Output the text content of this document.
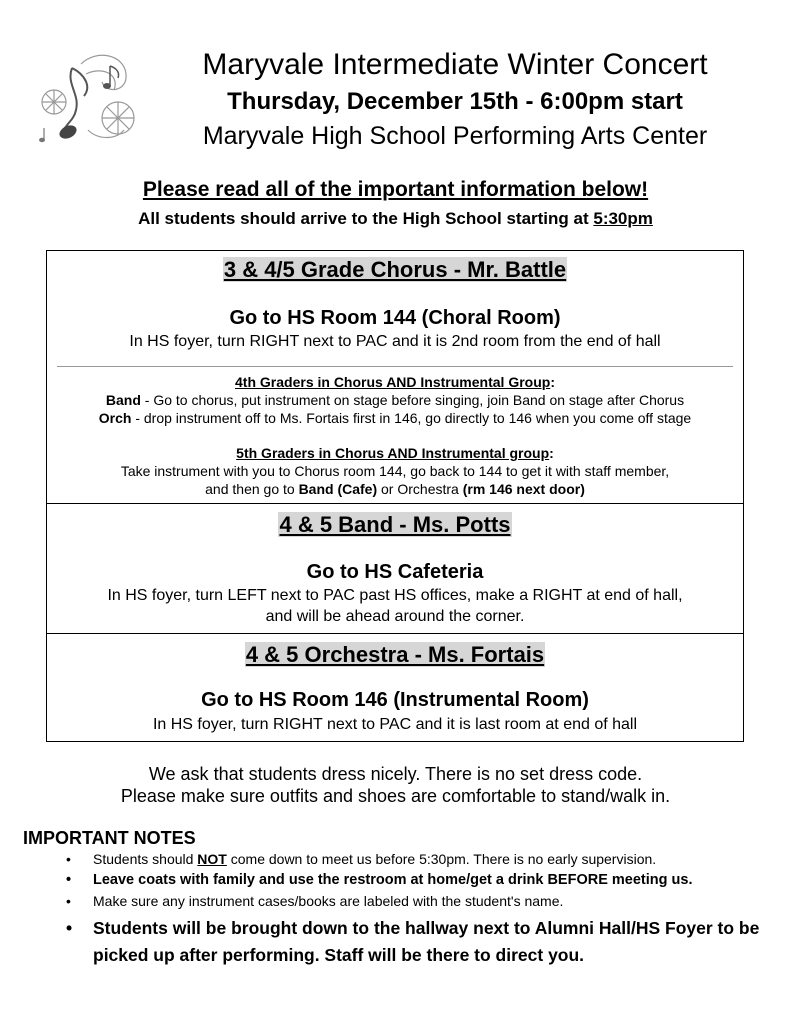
Maryvale Intermediate Winter Concert
Thursday, December 15th - 6:00pm start
Maryvale High School Performing Arts Center
Please read all of the important information below!
All students should arrive to the High School starting at 5:30pm
3 & 4/5 Grade Chorus - Mr. Battle
Go to HS Room 144 (Choral Room)
In HS foyer, turn RIGHT next to PAC and it is 2nd room from the end of hall
4th Graders in Chorus AND Instrumental Group:
Band - Go to chorus, put instrument on stage before singing, join Band on stage after Chorus
Orch - drop instrument off to Ms. Fortais first in 146, go directly to 146 when you come off stage
5th Graders in Chorus AND Instrumental group:
Take instrument with you to Chorus room 144, go back to 144 to get it with staff member,
and then go to Band (Cafe) or Orchestra (rm 146 next door)
4 & 5 Band - Ms. Potts
Go to HS Cafeteria
In HS foyer, turn LEFT next to PAC past HS offices, make a RIGHT at end of hall,
and will be ahead around the corner.
4 & 5 Orchestra - Ms. Fortais
Go to HS Room 146 (Instrumental Room)
In HS foyer, turn RIGHT next to PAC and it is last room at end of hall
We ask that students dress nicely. There is no set dress code.
Please make sure outfits and shoes are comfortable to stand/walk in.
IMPORTANT NOTES
• Students should NOT come down to meet us before 5:30pm. There is no early supervision.
• Leave coats with family and use the restroom at home/get a drink BEFORE meeting us.
• Make sure any instrument cases/books are labeled with the student's name.
• Students will be brought down to the hallway next to Alumni Hall/HS Foyer to be picked up after performing. Staff will be there to direct you.
